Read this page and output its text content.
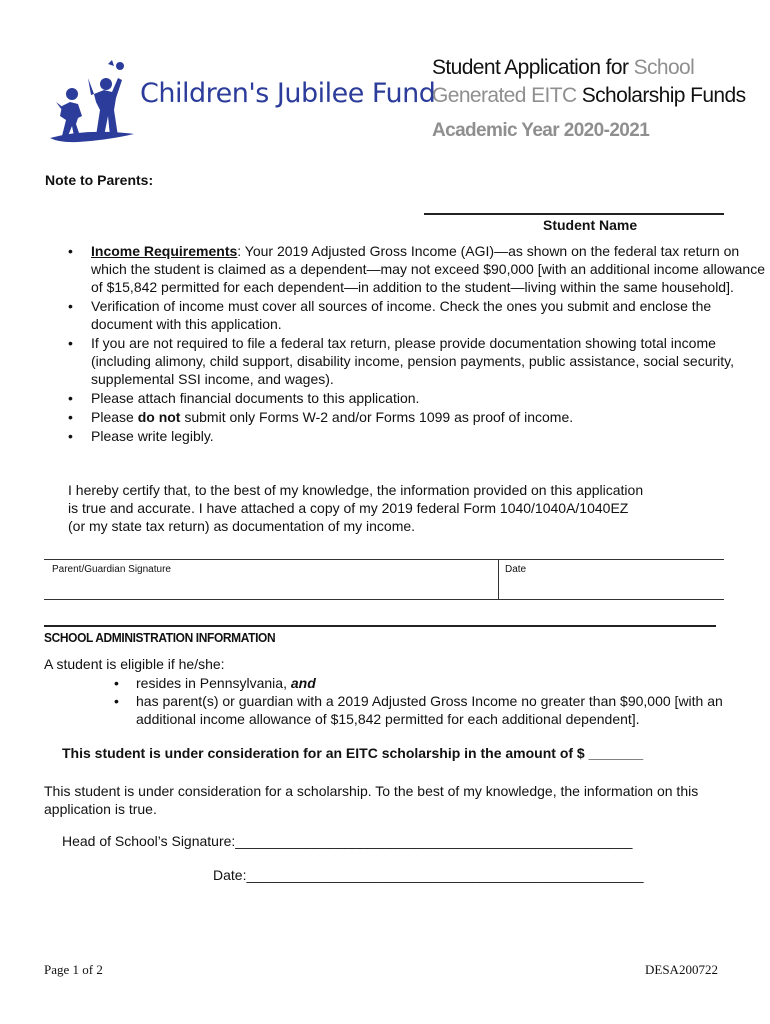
Children's Jubilee Fund
Student Application for School
Generated EITC Scholarship Funds
Academic Year 2020-2021
Note to Parents:
Student Name
• Income Requirements: Your 2019 Adjusted Gross Income (AGI)—as shown on the federal tax return on which the student is claimed as a dependent—may not exceed $90,000 [with an additional income allowance of $15,842 permitted for each dependent—in addition to the student—living within the same household].
• Verification of income must cover all sources of income. Check the ones you submit and enclose the document with this application.
• If you are not required to file a federal tax return, please provide documentation showing total income (including alimony, child support, disability income, pension payments, public assistance, social security, supplemental SSI income, and wages).
• Please attach financial documents to this application.
• Please do not submit only Forms W-2 and/or Forms 1099 as proof of income.
• Please write legibly.
I hereby certify that, to the best of my knowledge, the information provided on this application is true and accurate. I have attached a copy of my 2019 federal Form 1040/1040A/1040EZ (or my state tax return) as documentation of my income.
Parent/Guardian Signature	Date
SCHOOL ADMINISTRATION INFORMATION
A student is eligible if he/she:
• resides in Pennsylvania, and
• has parent(s) or guardian with a 2019 Adjusted Gross Income no greater than $90,000 [with an additional income allowance of $15,842 permitted for each additional dependent].
This student is under consideration for an EITC scholarship in the amount of $ _______
This student is under consideration for a scholarship. To the best of my knowledge, the information on this application is true.
Head of School’s Signature:___________________________________________________
Date:___________________________________________________
Page 1 of 2	DESA200722
